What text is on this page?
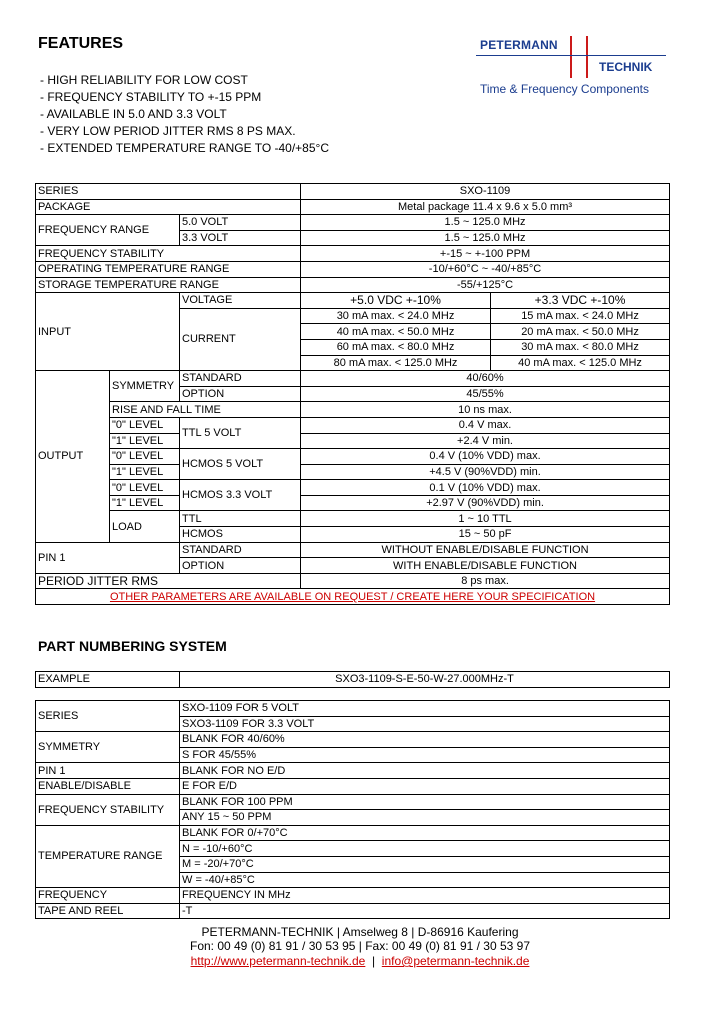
FEATURES
- HIGH RELIABILITY FOR LOW COST
- FREQUENCY STABILITY TO +-15 PPM
- AVAILABLE IN 5.0 AND 3.3 VOLT
- VERY LOW PERIOD JITTER RMS 8 PS MAX.
- EXTENDED TEMPERATURE RANGE TO -40/+85°C
PETERMANN
TECHNIK
Time & Frequency Components
SERIES			SXO-1109	
PACKAGE			Metal package 11.4 x 9.6 x 5.0 mm³	
FREQUENCY RANGE		5.0 VOLT	1.5 ~ 125.0 MHz	
		3.3 VOLT	1.5 ~ 125.0 MHz	
FREQUENCY STABILITY			+-15 ~ +-100 PPM	
OPERATING TEMPERATURE RANGE			-10/+60°C ~ -40/+85°C	
STORAGE TEMPERATURE RANGE			-55/+125°C	
INPUT		VOLTAGE	+5.0 VDC +-10%	+3.3 VDC +-10%
		CURRENT	30 mA max. < 24.0 MHz	15 mA max. < 24.0 MHz
			40 mA max. < 50.0 MHz	20 mA max. < 50.0 MHz
			60 mA max. < 80.0 MHz	30 mA max. < 80.0 MHz
			80 mA max. < 125.0 MHz	40 mA max. < 125.0 MHz
OUTPUT	SYMMETRY	STANDARD	40/60%	
		OPTION	45/55%	
	RISE AND FALL TIME		10 ns max.	
	"0" LEVEL	TTL 5 VOLT	0.4 V max.	
	"1" LEVEL		+2.4 V min.	
	"0" LEVEL	HCMOS 5 VOLT	0.4 V (10% VDD) max.	
	"1" LEVEL		+4.5 V (90%VDD) min.	
	"0" LEVEL	HCMOS 3.3 VOLT	0.1 V (10% VDD) max.	
	"1" LEVEL		+2.97 V (90%VDD) min.	
	LOAD	TTL	1 ~ 10 TTL	
		HCMOS	15 ~ 50 pF	
PIN 1		STANDARD	WITHOUT ENABLE/DISABLE FUNCTION	
		OPTION	WITH ENABLE/DISABLE FUNCTION	
PERIOD JITTER RMS			8 ps max.	
OTHER PARAMETERS ARE AVAILABLE ON REQUEST / CREATE HERE YOUR SPECIFICATION				
PART NUMBERING SYSTEM
EXAMPLE	SXO3-1109-S-E-50-W-27.000MHz-T
SERIES	SXO-1109 FOR 5 VOLT
	SXO3-1109 FOR 3.3 VOLT
SYMMETRY	BLANK FOR 40/60%
	S FOR 45/55%
PIN 1	BLANK FOR NO E/D
ENABLE/DISABLE	E FOR E/D
FREQUENCY STABILITY	BLANK FOR 100 PPM
	ANY 15 ~ 50 PPM
TEMPERATURE RANGE	BLANK FOR 0/+70°C
	N = -10/+60°C
	M = -20/+70°C
	W = -40/+85°C
FREQUENCY	FREQUENCY IN MHz
TAPE AND REEL	-T
PETERMANN-TECHNIK | Amselweg 8 | D-86916 Kaufering
Fon: 00 49 (0) 81 91 / 30 53 95 | Fax: 00 49 (0) 81 91 / 30 53 97
http://www.petermann-technik.de  |  info@petermann-technik.de
